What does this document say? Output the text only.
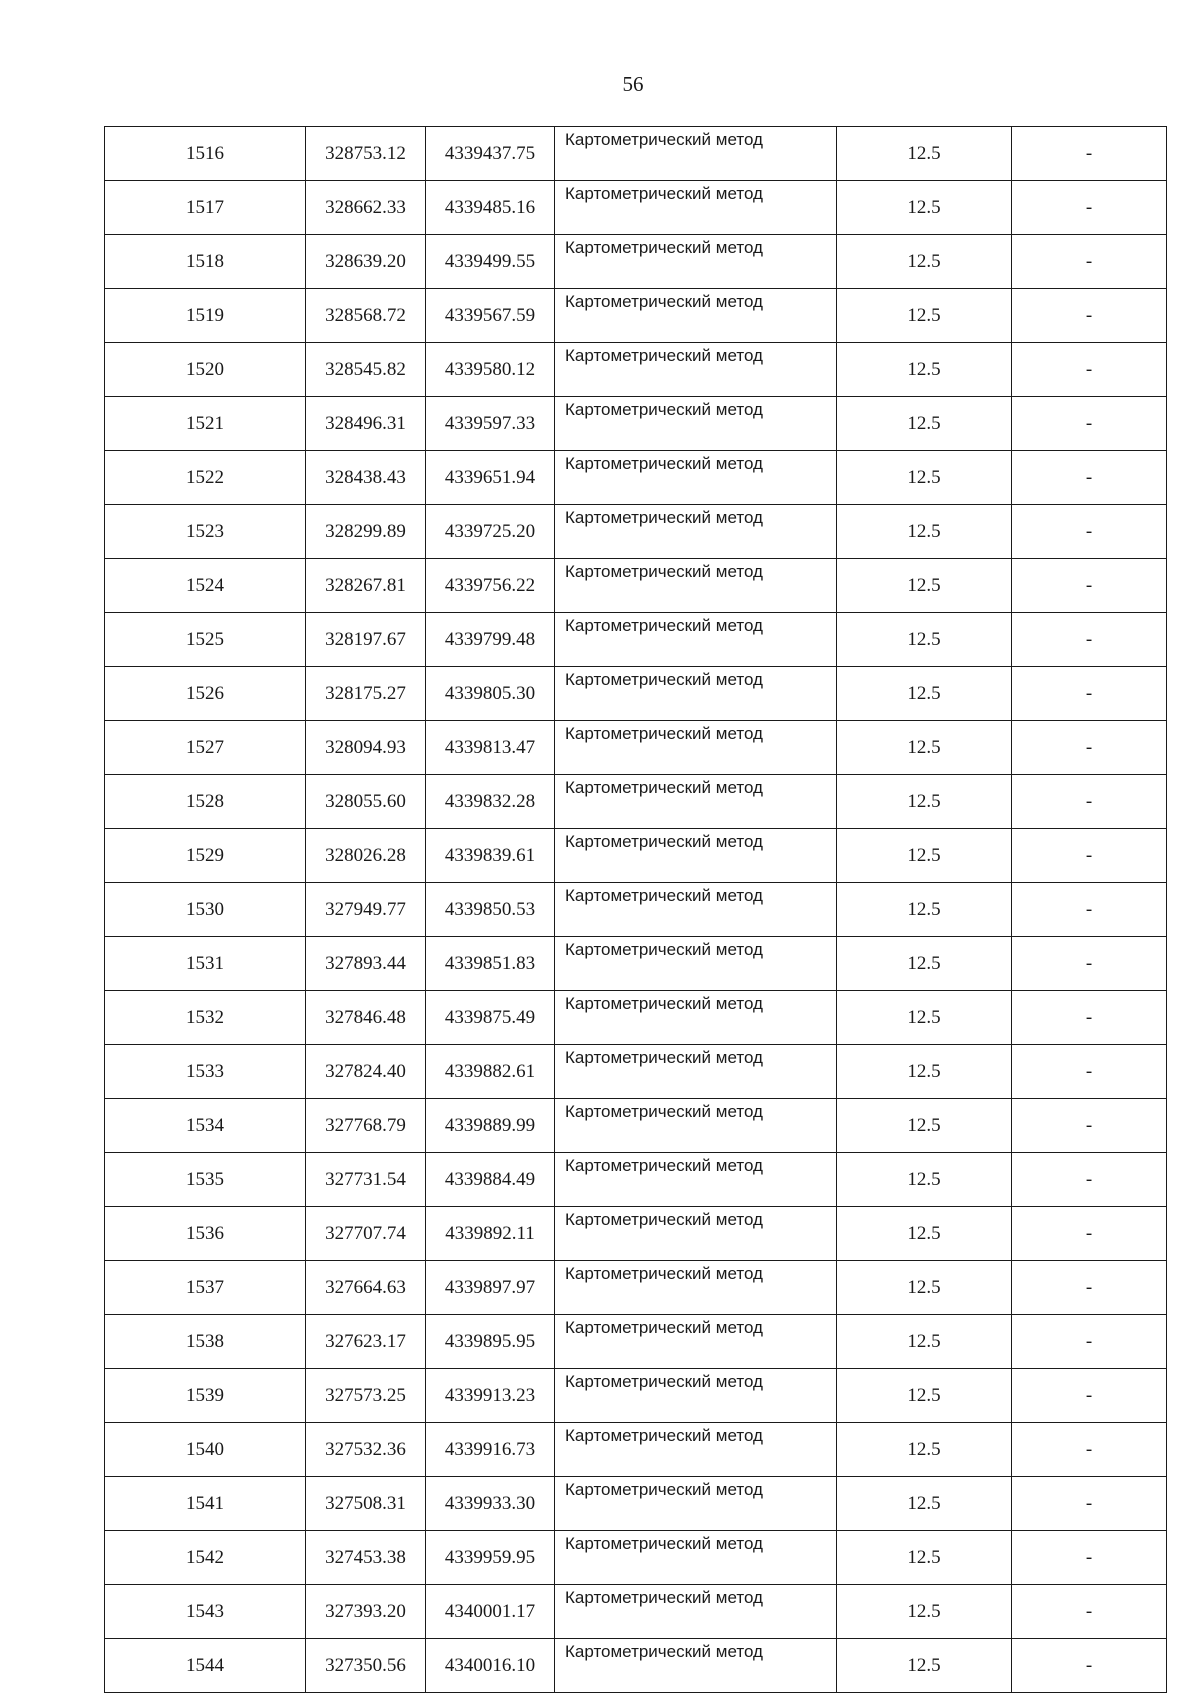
56
1516	328753.12	4339437.75	Картометрический метод	12.5	-
1517	328662.33	4339485.16	Картометрический метод	12.5	-
1518	328639.20	4339499.55	Картометрический метод	12.5	-
1519	328568.72	4339567.59	Картометрический метод	12.5	-
1520	328545.82	4339580.12	Картометрический метод	12.5	-
1521	328496.31	4339597.33	Картометрический метод	12.5	-
1522	328438.43	4339651.94	Картометрический метод	12.5	-
1523	328299.89	4339725.20	Картометрический метод	12.5	-
1524	328267.81	4339756.22	Картометрический метод	12.5	-
1525	328197.67	4339799.48	Картометрический метод	12.5	-
1526	328175.27	4339805.30	Картометрический метод	12.5	-
1527	328094.93	4339813.47	Картометрический метод	12.5	-
1528	328055.60	4339832.28	Картометрический метод	12.5	-
1529	328026.28	4339839.61	Картометрический метод	12.5	-
1530	327949.77	4339850.53	Картометрический метод	12.5	-
1531	327893.44	4339851.83	Картометрический метод	12.5	-
1532	327846.48	4339875.49	Картометрический метод	12.5	-
1533	327824.40	4339882.61	Картометрический метод	12.5	-
1534	327768.79	4339889.99	Картометрический метод	12.5	-
1535	327731.54	4339884.49	Картометрический метод	12.5	-
1536	327707.74	4339892.11	Картометрический метод	12.5	-
1537	327664.63	4339897.97	Картометрический метод	12.5	-
1538	327623.17	4339895.95	Картометрический метод	12.5	-
1539	327573.25	4339913.23	Картометрический метод	12.5	-
1540	327532.36	4339916.73	Картометрический метод	12.5	-
1541	327508.31	4339933.30	Картометрический метод	12.5	-
1542	327453.38	4339959.95	Картометрический метод	12.5	-
1543	327393.20	4340001.17	Картометрический метод	12.5	-
1544	327350.56	4340016.10	Картометрический метод	12.5	-
